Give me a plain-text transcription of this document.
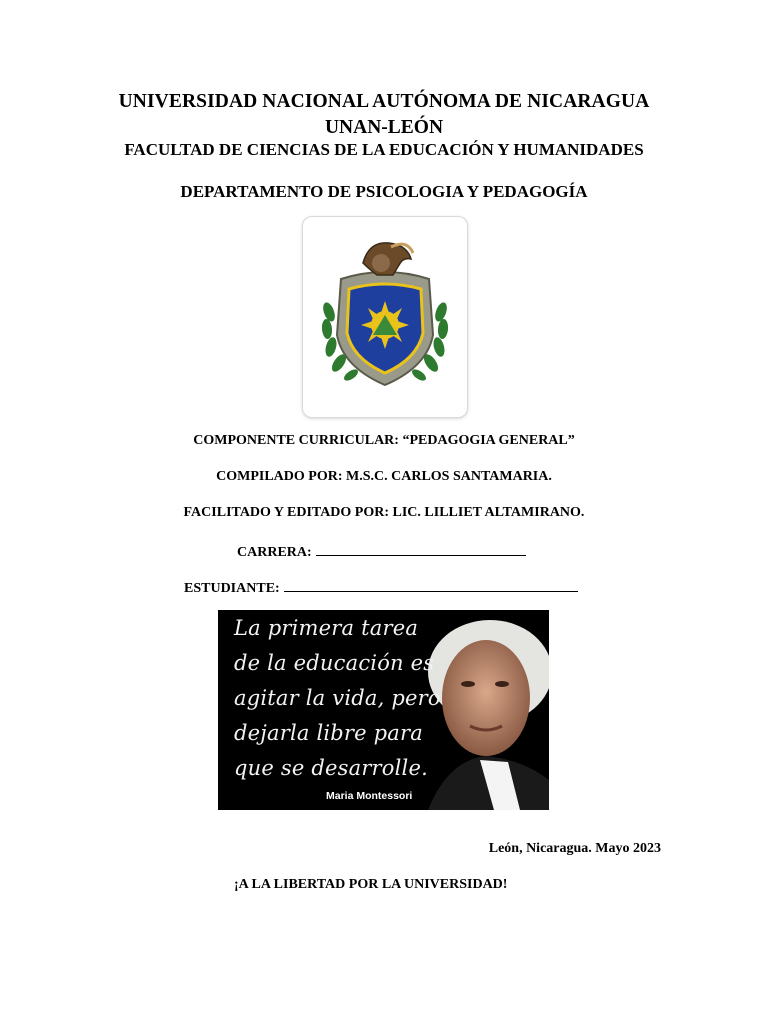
UNIVERSIDAD NACIONAL AUTÓNOMA DE NICARAGUA
UNAN-LEÓN
FACULTAD DE CIENCIAS DE LA EDUCACIÓN Y HUMANIDADES
DEPARTAMENTO DE PSICOLOGIA Y PEDAGOGÍA
COMPONENTE CURRICULAR: “PEDAGOGIA GENERAL”
COMPILADO POR: M.S.C. CARLOS SANTAMARIA.
FACILITADO Y EDITADO POR: LIC. LILLIET ALTAMIRANO.
CARRERA:
ESTUDIANTE:
La primera tarea
de la educación es
agitar la vida, pero
dejarla libre para
que se desarrolle.
Maria Montessori
León, Nicaragua. Mayo 2023
¡A LA LIBERTAD POR LA UNIVERSIDAD!
